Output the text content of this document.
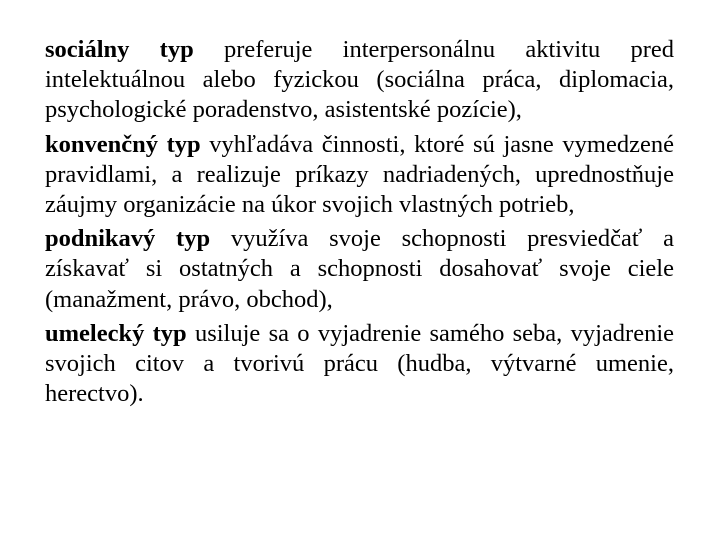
sociálny typ preferuje interpersonálnu aktivitu pred intelektuálnou alebo fyzickou (sociálna práca, diplomacia, psychologické poradenstvo, asistentské pozície),

konvenčný typ vyhľadáva činnosti, ktoré sú jasne vymedzené pravidlami, a realizuje príkazy nadriadených, uprednostňuje záujmy organizácie na úkor svojich vlastných potrieb,

podnikavý typ využíva svoje schopnosti presviedčať a získavať si ostatných a schopnosti dosahovať svoje ciele (manažment, právo, obchod),

umelecký typ usiluje sa o vyjadrenie samého seba, vyjadrenie svojich citov a tvorivú prácu (hudba, výtvarné umenie, herectvo).
